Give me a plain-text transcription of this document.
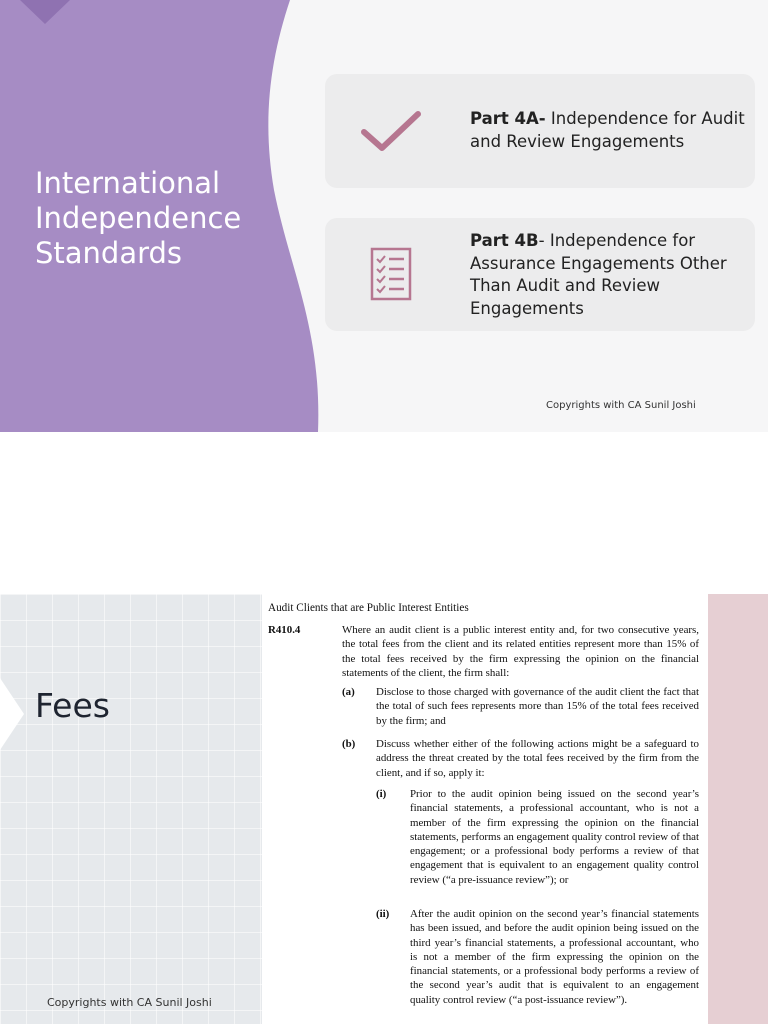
International
Independence
Standards
Part 4A- Independence for Audit and Review Engagements
Part 4B- Independence for Assurance Engagements Other Than Audit and Review Engagements
Copyrights with CA Sunil Joshi
Fees
Copyrights with CA Sunil Joshi
Audit Clients that are Public Interest Entities
R410.4	Where an audit client is a public interest entity and, for two consecutive years, the total fees from the client and its related entities represent more than 15% of the total fees received by the firm expressing the opinion on the financial statements of the client, the firm shall:
(a) Disclose to those charged with governance of the audit client the fact that the total of such fees represents more than 15% of the total fees received by the firm; and
(b) Discuss whether either of the following actions might be a safeguard to address the threat created by the total fees received by the firm from the client, and if so, apply it:
(i) Prior to the audit opinion being issued on the second year’s financial statements, a professional accountant, who is not a member of the firm expressing the opinion on the financial statements, performs an engagement quality control review of that engagement; or a professional body performs a review of that engagement that is equivalent to an engagement quality control review (“a pre-issuance review”); or
(ii) After the audit opinion on the second year’s financial statements has been issued, and before the audit opinion being issued on the third year’s financial statements, a professional accountant, who is not a member of the firm expressing the opinion on the financial statements, or a professional body performs a review of the second year’s audit that is equivalent to an engagement quality control review (“a post-issuance review”).
